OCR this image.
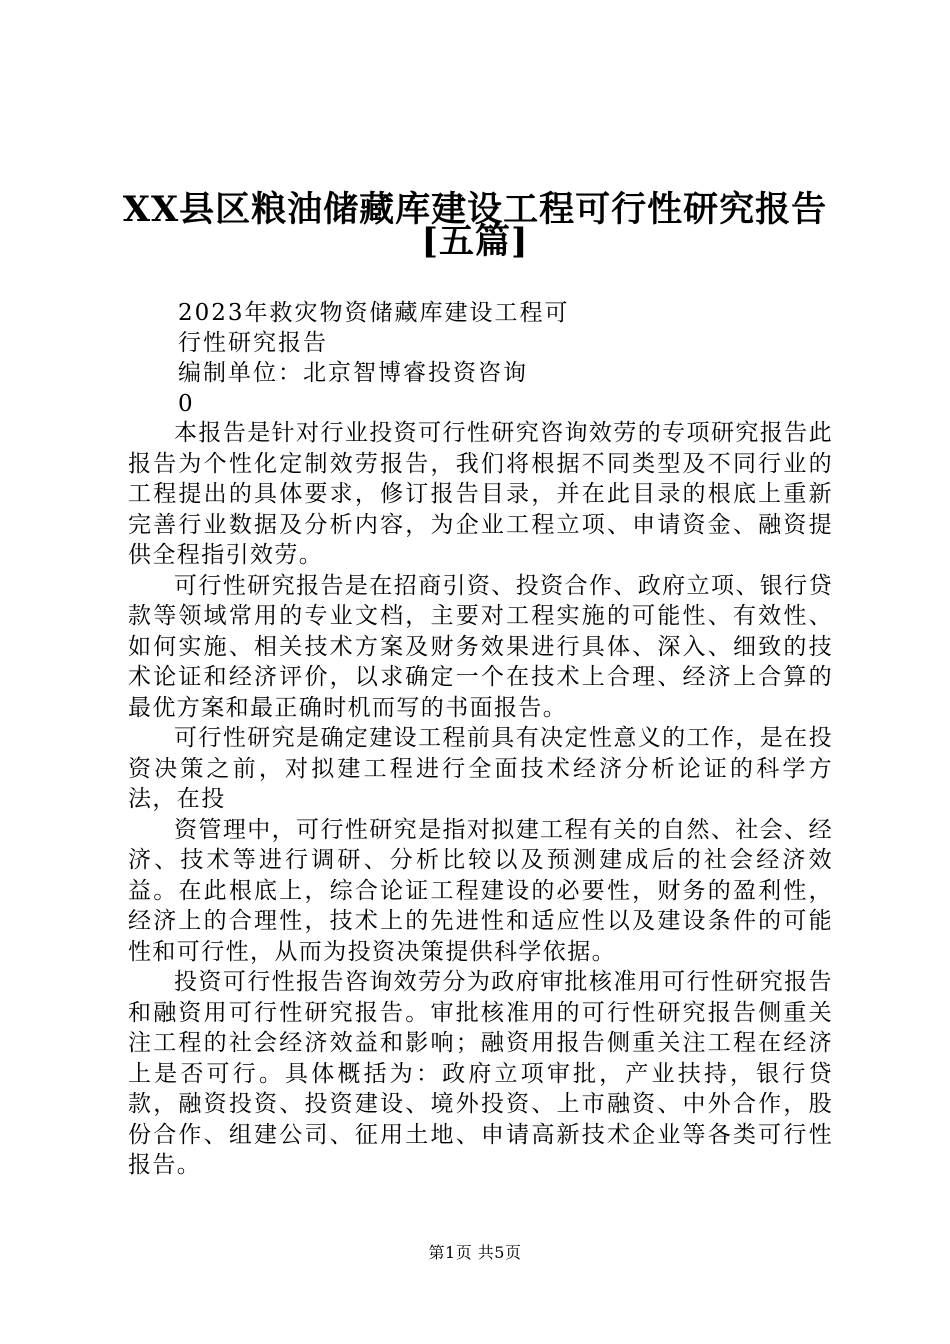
XX县区粮油储藏库建设工程可行性研究报告
[五篇]
2023年救灾物资储藏库建设工程可
行性研究报告
编制单位：北京智博睿投资咨询
0

本报告是针对行业投资可行性研究咨询效劳的专项研究报告此报告为个性化定制效劳报告，我们将根据不同类型及不同行业的工程提出的具体要求，修订报告目录，并在此目录的根底上重新完善行业数据及分析内容，为企业工程立项、申请资金、融资提供全程指引效劳。

可行性研究报告是在招商引资、投资合作、政府立项、银行贷款等领域常用的专业文档，主要对工程实施的可能性、有效性、如何实施、相关技术方案及财务效果进行具体、深入、细致的技术论证和经济评价，以求确定一个在技术上合理、经济上合算的最优方案和最正确时机而写的书面报告。

可行性研究是确定建设工程前具有决定性意义的工作，是在投资决策之前，对拟建工程进行全面技术经济分析论证的科学方法，在投

资管理中，可行性研究是指对拟建工程有关的自然、社会、经济、技术等进行调研、分析比较以及预测建成后的社会经济效益。在此根底上，综合论证工程建设的必要性，财务的盈利性，经济上的合理性，技术上的先进性和适应性以及建设条件的可能性和可行性，从而为投资决策提供科学依据。

投资可行性报告咨询效劳分为政府审批核准用可行性研究报告和融资用可行性研究报告。审批核准用的可行性研究报告侧重关注工程的社会经济效益和影响；融资用报告侧重关注工程在经济上是否可行。具体概括为：政府立项审批，产业扶持，银行贷款，融资投资、投资建设、境外投资、上市融资、中外合作，股份合作、组建公司、征用土地、申请高新技术企业等各类可行性报告。

第1页 共5页
